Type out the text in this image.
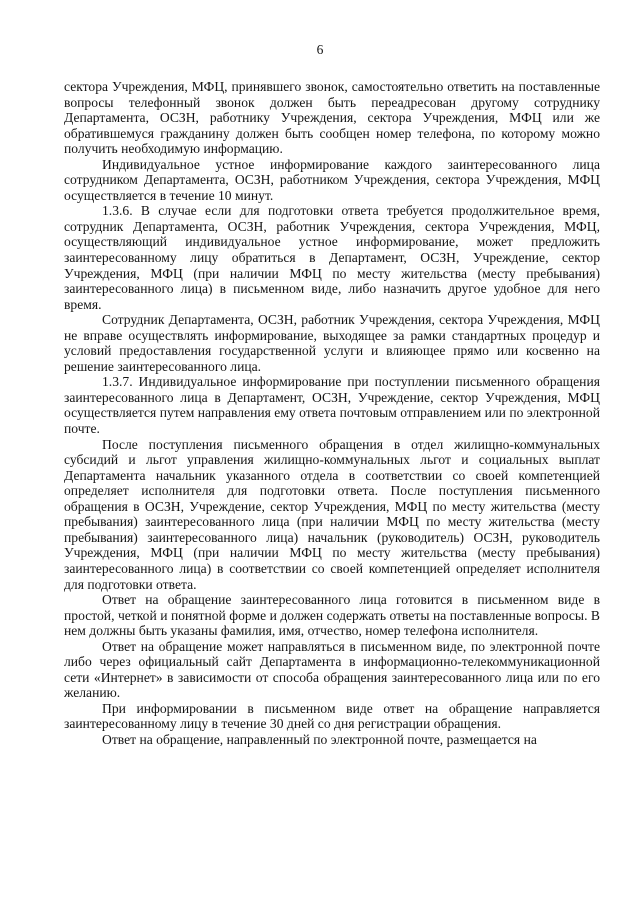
6

сектора Учреждения, МФЦ, принявшего звонок, самостоятельно ответить на поставленные вопросы телефонный звонок должен быть переадресован другому сотруднику Департамента, ОСЗН, работнику Учреждения, сектора Учреждения, МФЦ или же обратившемуся гражданину должен быть сообщен номер телефона, по которому можно получить необходимую информацию.

Индивидуальное устное информирование каждого заинтересованного лица сотрудником Департамента, ОСЗН, работником Учреждения, сектора Учреждения, МФЦ осуществляется в течение 10 минут.

1.3.6. В случае если для подготовки ответа требуется продолжительное время, сотрудник Департамента, ОСЗН, работник Учреждения, сектора Учреждения, МФЦ, осуществляющий индивидуальное устное информирование, может предложить заинтересованному лицу обратиться в Департамент, ОСЗН, Учреждение, сектор Учреждения, МФЦ (при наличии МФЦ по месту жительства (месту пребывания) заинтересованного лица) в письменном виде, либо назначить другое удобное для него время.

Сотрудник Департамента, ОСЗН, работник Учреждения, сектора Учреждения, МФЦ не вправе осуществлять информирование, выходящее за рамки стандартных процедур и условий предоставления государственной услуги и влияющее прямо или косвенно на решение заинтересованного лица.

1.3.7. Индивидуальное информирование при поступлении письменного обращения заинтересованного лица в Департамент, ОСЗН, Учреждение, сектор Учреждения, МФЦ осуществляется путем направления ему ответа почтовым отправлением или по электронной почте.

После поступления письменного обращения в отдел жилищно-коммунальных субсидий и льгот управления жилищно-коммунальных льгот и социальных выплат Департамента начальник указанного отдела в соответствии со своей компетенцией определяет исполнителя для подготовки ответа. После поступления письменного обращения в ОСЗН, Учреждение, сектор Учреждения, МФЦ по месту жительства (месту пребывания) заинтересованного лица (при наличии МФЦ по месту жительства (месту пребывания) заинтересованного лица) начальник (руководитель) ОСЗН, руководитель Учреждения, МФЦ (при наличии МФЦ по месту жительства (месту пребывания) заинтересованного лица) в соответствии со своей компетенцией определяет исполнителя для подготовки ответа.

Ответ на обращение заинтересованного лица готовится в письменном виде в простой, четкой и понятной форме и должен содержать ответы на поставленные вопросы. В нем должны быть указаны фамилия, имя, отчество, номер телефона исполнителя.

Ответ на обращение может направляться в письменном виде, по электронной почте либо через официальный сайт Департамента в информационно-телекоммуникационной сети «Интернет» в зависимости от способа обращения заинтересованного лица или по его желанию.

При информировании в письменном виде ответ на обращение направляется заинтересованному лицу в течение 30 дней со дня регистрации обращения.

Ответ на обращение, направленный по электронной почте, размещается на
